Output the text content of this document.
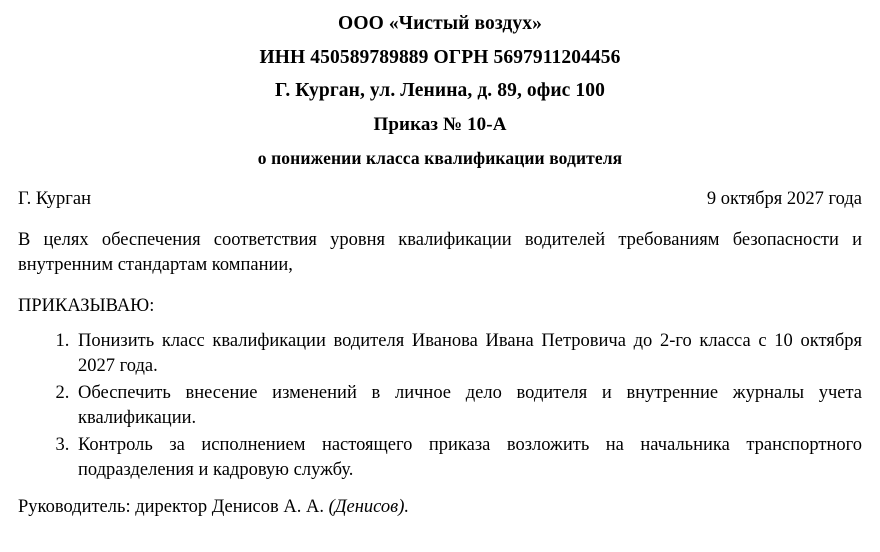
ООО «Чистый воздух»
ИНН 450589789889 ОГРН 5697911204456
Г. Курган, ул. Ленина, д. 89, офис 100
Приказ № 10-А
о понижении класса квалификации водителя
Г. Курган	9 октября 2027 года

В целях обеспечения соответствия уровня квалификации водителей требованиям безопасности и внутренним стандартам компании,

ПРИКАЗЫВАЮ:

1. Понизить класс квалификации водителя Иванова Ивана Петровича до 2-го класса с 10 октября 2027 года.
2. Обеспечить внесение изменений в личное дело водителя и внутренние журналы учета квалификации.
3. Контроль за исполнением настоящего приказа возложить на начальника транспортного подразделения и кадровую службу.

Руководитель: директор Денисов А. А. (Денисов).
